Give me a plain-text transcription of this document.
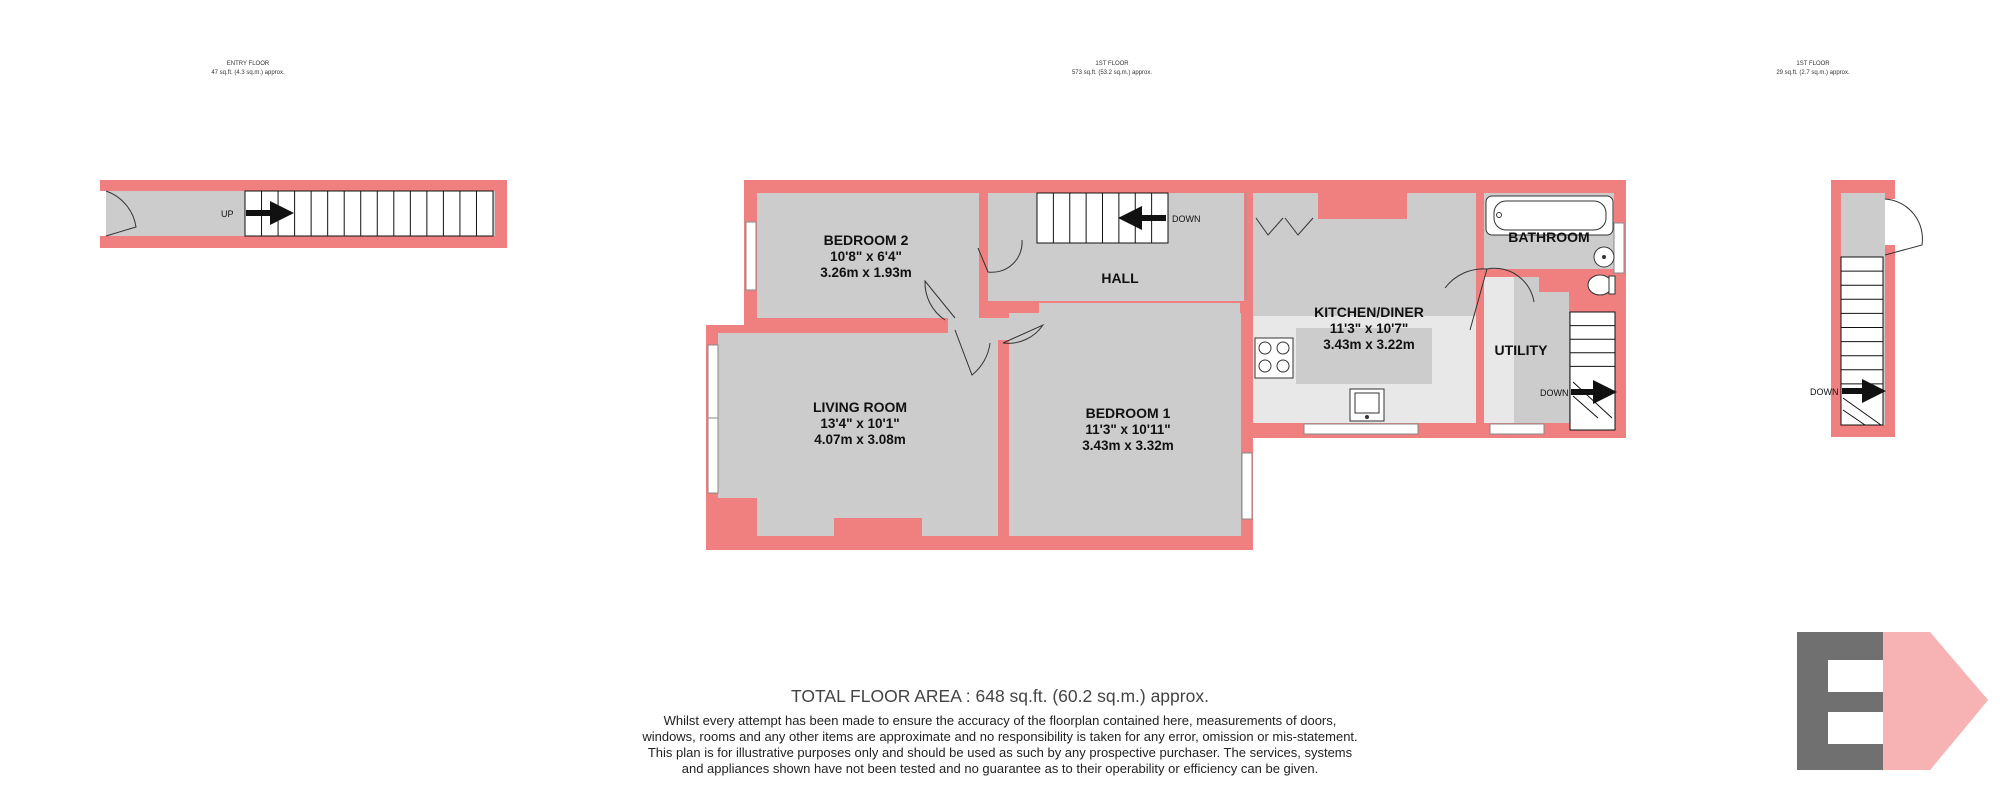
ENTRY FLOOR
47 sq.ft. (4.3 sq.m.) approx.
1ST FLOOR
573 sq.ft. (53.2 sq.m.) approx.
1ST FLOOR
29 sq.ft. (2.7 sq.m.) approx.
UP	DOWN
DOWN	DOWN
BEDROOM 2
10'8" x 6'4"
3.26m x 1.93m	HALL
LIVING ROOM
13'4" x 10'1"
4.07m x 3.08m
BEDROOM 1
11'3" x 10'11"
3.43m x 3.32m
KITCHEN/DINER
11'3" x 10'7"
3.43m x 3.22m
BATHROOM
UTILITY
TOTAL FLOOR AREA : 648 sq.ft. (60.2 sq.m.) approx.
Whilst every attempt has been made to ensure the accuracy of the floorplan contained here, measurements of doors, windows, rooms and any other items are approximate and no responsibility is taken for any error, omission or mis-statement. This plan is for illustrative purposes only and should be used as such by any prospective purchaser. The services, systems and appliances shown have not been tested and no guarantee as to their operability or efficiency can be given.
